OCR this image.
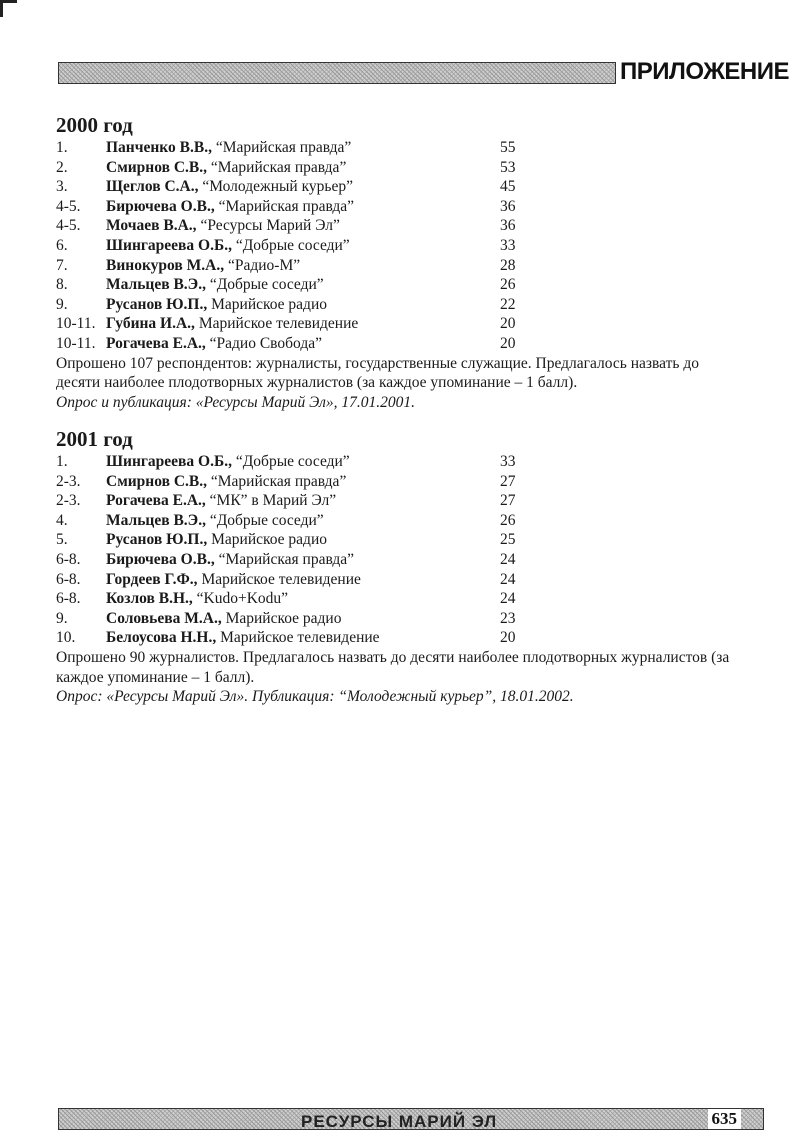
ПРИЛОЖЕНИЕ
2000 год
1. Панченко В.В., “Марийская правда”	55
2. Смирнов С.В., “Марийская правда”	53
3. Щеглов С.А., “Молодежный курьер”	45
4-5. Бирючева О.В., “Марийская правда”	36
4-5. Мочаев В.А., “Ресурсы Марий Эл”	36
6. Шингареева О.Б., “Добрые соседи”	33
7. Винокуров М.А., “Радио-М”	28
8. Мальцев В.Э., “Добрые соседи”	26
9. Русанов Ю.П., Марийское радио	22
10-11. Губина И.А., Марийское телевидение	20
10-11. Рогачева Е.А., “Радио Свобода”	20

Опрошено 107 респондентов: журналисты, государственные служащие. Предлагалось назвать до десяти наиболее плодотворных журналистов (за каждое упоминание – 1 балл).

Опрос и публикация: «Ресурсы Марий Эл», 17.01.2001.

2001 год
1. Шингареева О.Б., “Добрые соседи”	33
2-3. Смирнов С.В., “Марийская правда”	27
2-3. Рогачева Е.А., “МК” в Марий Эл”	27
4. Мальцев В.Э., “Добрые соседи”	26
5. Русанов Ю.П., Марийское радио	25
6-8. Бирючева О.В., “Марийская правда”	24
6-8. Гордеев Г.Ф., Марийское телевидение	24
6-8. Козлов В.Н., “Kudo+Kodu”	24
9. Соловьева М.А., Марийское радио	23
10. Белоусова Н.Н., Марийское телевидение	20

Опрошено 90 журналистов. Предлагалось назвать до десяти наиболее плодотворных журналистов (за каждое упоминание – 1 балл).

Опрос: «Ресурсы Марий Эл». Публикация: “Молодежный курьер”, 18.01.2002.

РЕСУРСЫ МАРИЙ ЭЛ	635
